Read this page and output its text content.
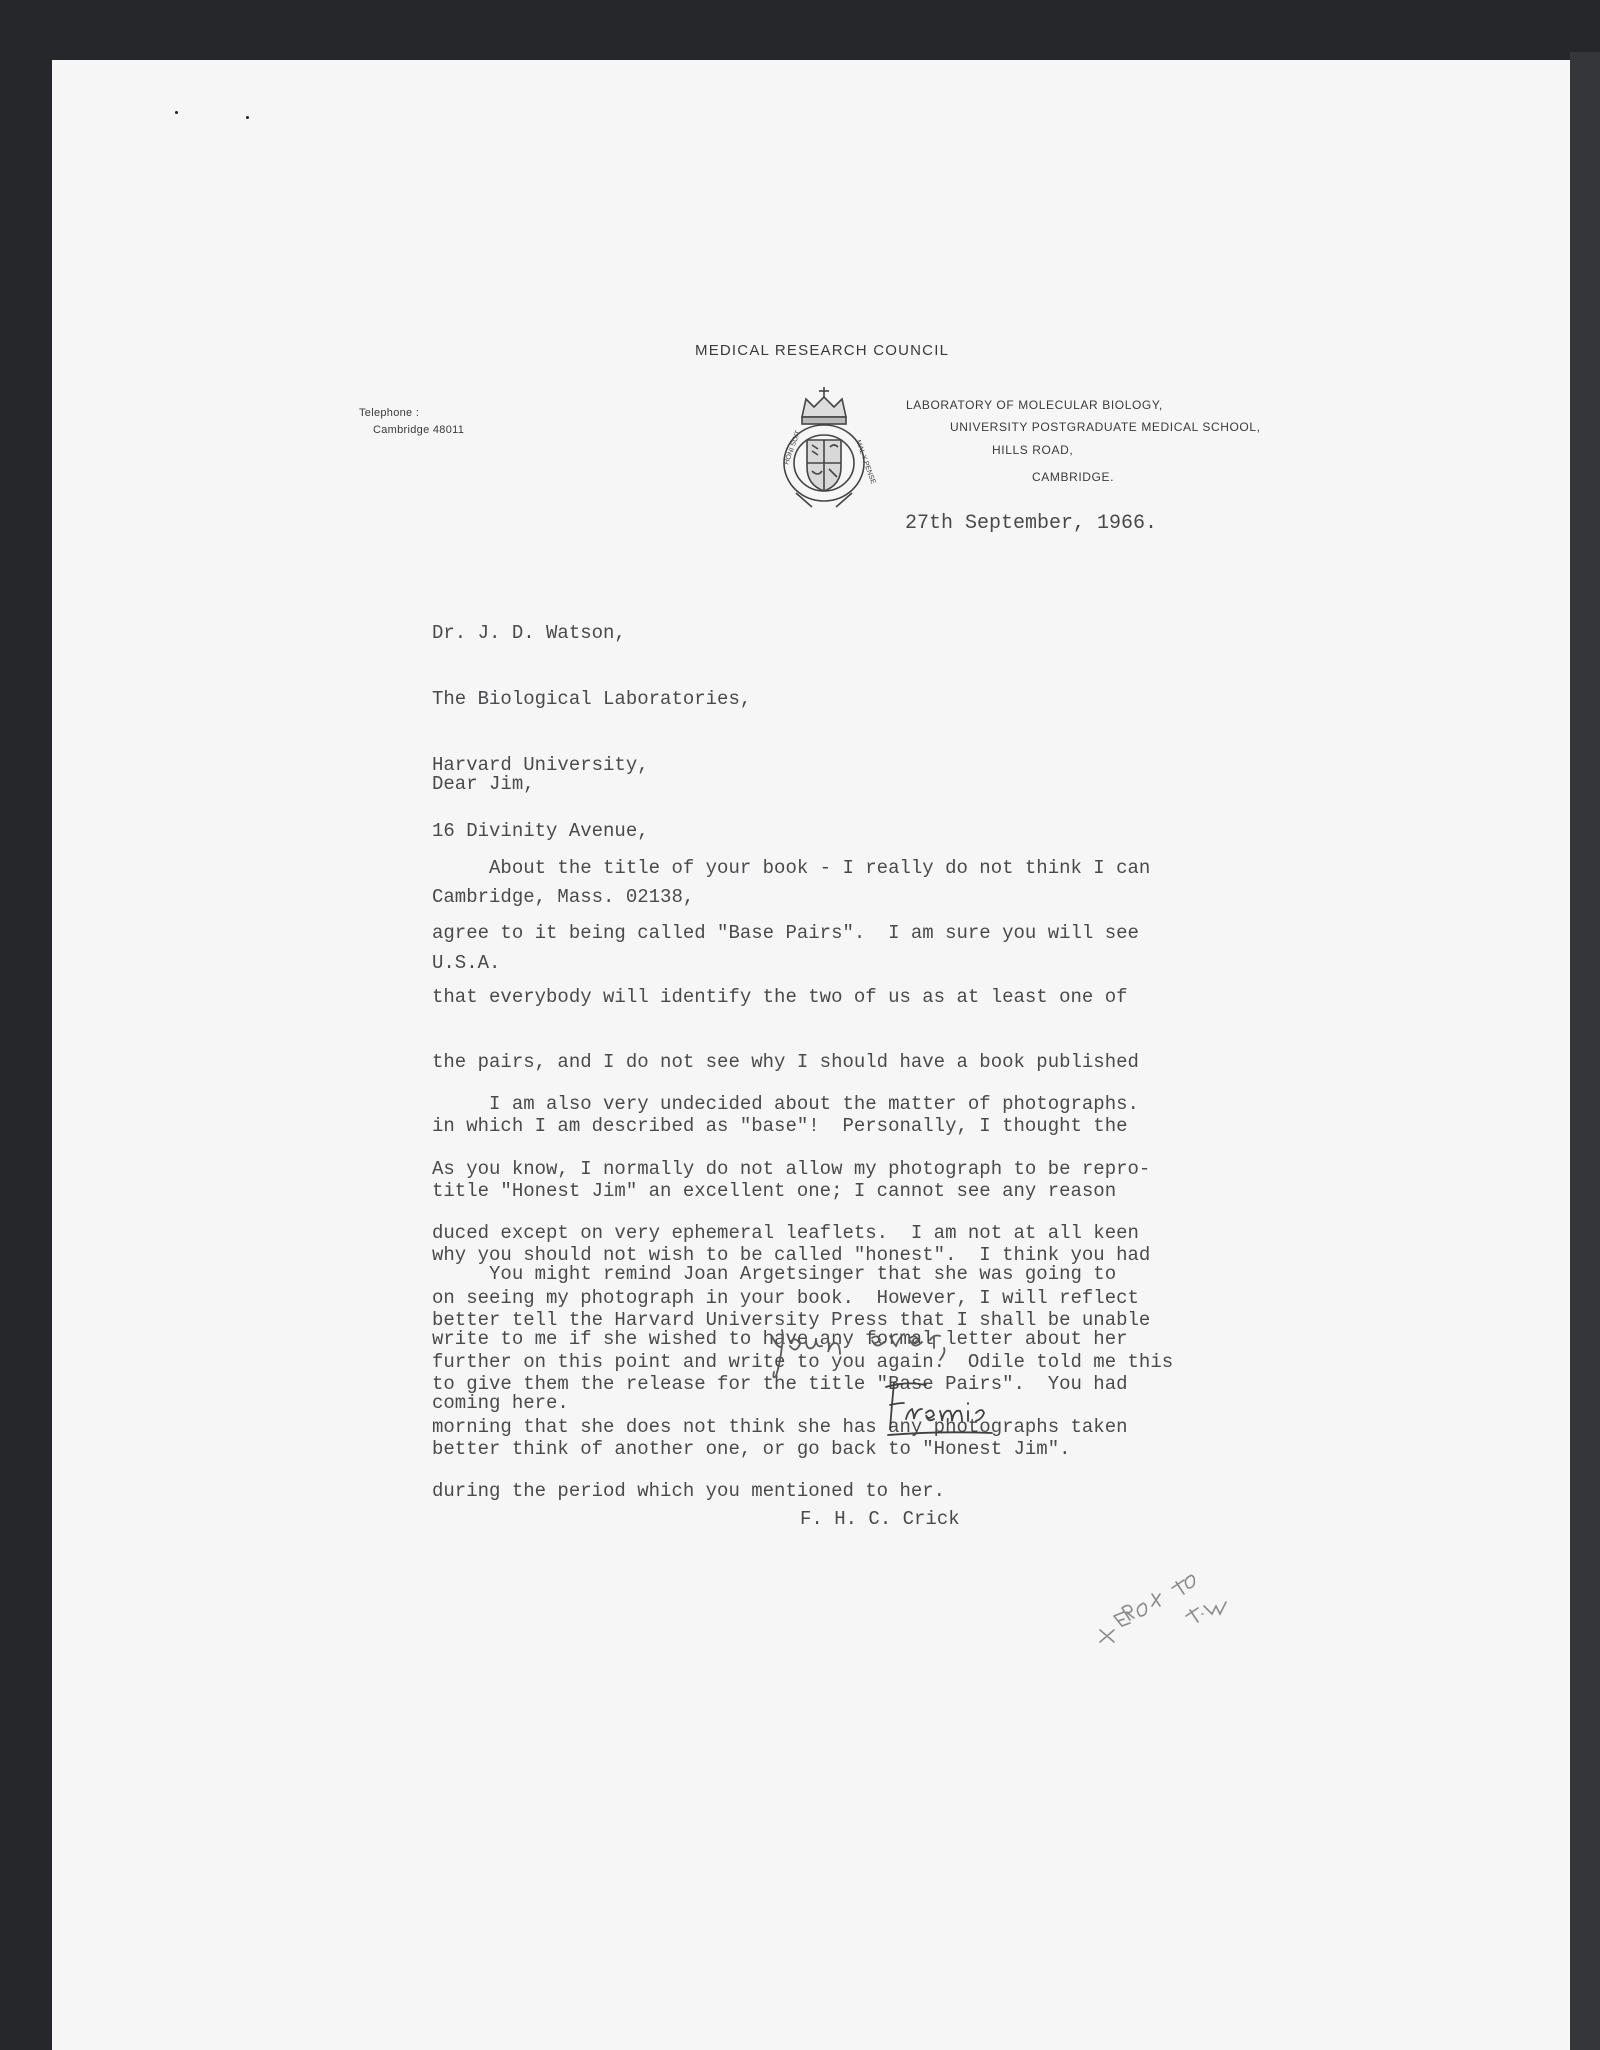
MEDICAL RESEARCH COUNCIL
Telephone :
Cambridge 48011
LABORATORY OF MOLECULAR BIOLOGY,
UNIVERSITY POSTGRADUATE MEDICAL SCHOOL,
HILLS ROAD,
CAMBRIDGE.
HONI SOIT	MAL Y PENSE
27th September, 1966.

Dr. J. D. Watson,

The Biological Laboratories,

Harvard University,

16 Divinity Avenue,

Cambridge, Mass. 02138,

U.S.A.

Dear Jim,

About the title of your book - I really do not think I can

agree to it being called "Base Pairs".  I am sure you will see

that everybody will identify the two of us as at least one of

the pairs, and I do not see why I should have a book published

in which I am described as "base"!  Personally, I thought the

title "Honest Jim" an excellent one; I cannot see any reason

why you should not wish to be called "honest".  I think you had

better tell the Harvard University Press that I shall be unable

to give them the release for the title "Base Pairs".  You had

better think of another one, or go back to "Honest Jim".

I am also very undecided about the matter of photographs.

As you know, I normally do not allow my photograph to be repro-

duced except on very ephemeral leaflets.  I am not at all keen

on seeing my photograph in your book.  However, I will reflect

further on this point and write to you again.  Odile told me this

morning that she does not think she has any photographs taken

during the period which you mentioned to her.

You might remind Joan Argetsinger that she was going to

write to me if she wished to have any formal letter about her

coming here.

F. H. C. Crick
